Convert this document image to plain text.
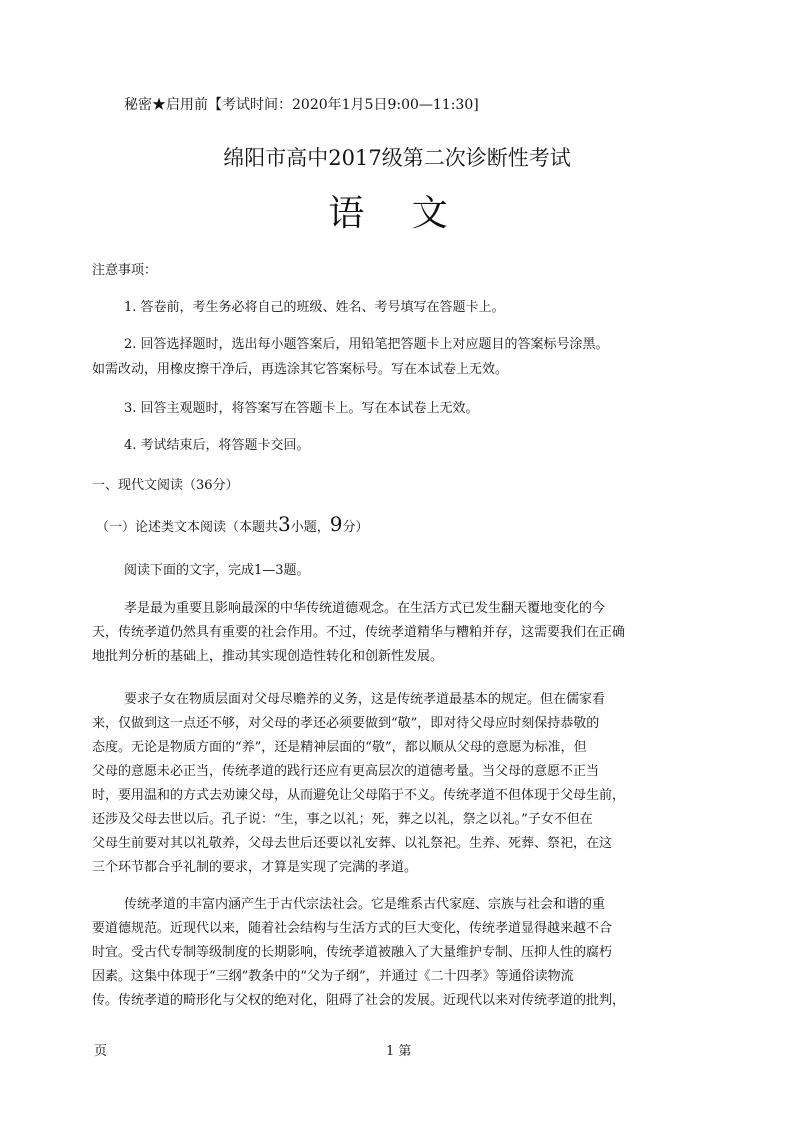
秘密★启用前【考试时间：2020年1月5日9:00—11:30]
绵阳市高中2017级第二次诊断性考试
语 文
注意事项：
1. 答卷前，考生务必将自己的班级、姓名、考号填写在答题卡上。
2. 回答选择题时，选出每小题答案后，用铅笔把答题卡上对应题目的答案标号涂黑。
如需改动，用橡皮擦干净后，再选涂其它答案标号。写在本试卷上无效。
3. 回答主观题时，将答案写在答题卡上。写在本试卷上无效。
4. 考试结束后，将答题卡交回。
一、现代文阅读（36分）
（一）论述类文本阅读（本题共3小题，9分）
阅读下面的文字，完成1—3题。
孝是最为重要且影响最深的中华传统道德观念。在生活方式已发生翻天覆地变化的今
天，传统孝道仍然具有重要的社会作用。不过，传统孝道精华与糟粕并存，这需要我们在正确
地批判分析的基础上，推动其实现创造性转化和创新性发展。
要求子女在物质层面对父母尽赡养的义务，这是传统孝道最基本的规定。但在儒家看
来，仅做到这一点还不够，对父母的孝还必须要做到“敬”，即对待父母应时刻保持恭敬的
态度。无论是物质方面的“养”，还是精神层面的“敬”，都以顺从父母的意愿为标准，但
父母的意愿未必正当，传统孝道的践行还应有更高层次的道德考量。当父母的意愿不正当
时，要用温和的方式去劝谏父母，从而避免让父母陷于不义。传统孝道不但体现于父母生前，
还涉及父母去世以后。孔子说：“生，事之以礼；死，葬之以礼，祭之以礼。”子女不但在
父母生前要对其以礼敬养，父母去世后还要以礼安葬、以礼祭祀。生养、死葬、祭祀，在这
三个环节都合乎礼制的要求，才算是实现了完满的孝道。
传统孝道的丰富内涵产生于古代宗法社会。它是维系古代家庭、宗族与社会和谐的重
要道德规范。近现代以来，随着社会结构与生活方式的巨大变化，传统孝道显得越来越不合
时宜。受古代专制等级制度的长期影响，传统孝道被融入了大量维护专制、压抑人性的腐朽
因素。这集中体现于“三纲”教条中的“父为子纲”，并通过《二十四孝》等通俗读物流
传。传统孝道的畸形化与父权的绝对化，阻碍了社会的发展。近现代以来对传统孝道的批判，
页	1 第
